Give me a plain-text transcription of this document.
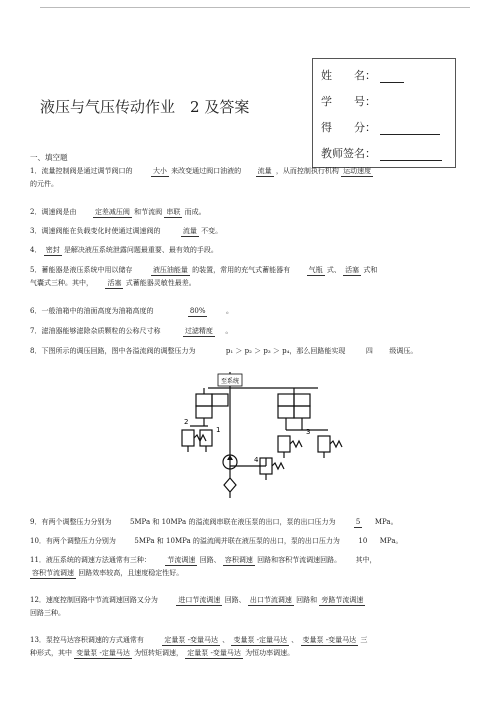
姓　　名：
学　　号：
得　　分：
教师签名：
液压与气压传动作业　2 及答案
一、填空题
1．流量控制阀是通过调节阀口的	大小 来改变通过阀口油液的 流量 ，从而控制执行机构 运动速度
的元件。
2．调速阀是由	定差减压阀 和节流阀 串联 而成。
3．调速阀能在负载变化时使通过调速阀的	流量 不变。
4． 密封 是解决液压系统泄露问题最重要、最有效的手段。
5．蓄能器是液压系统中用以储存	液压油能量 的装置，常用的充气式蓄能器有	气瓶 式、 活塞 式和
气囊式三种。其中， 活塞 式蓄能器灵敏性最差。
6．一般油箱中的油面高度为油箱高度的	80%	。
7．滤油器能够滤除杂质颗粒的公称尺寸称	过滤精度 。
8．下图所示的调压回路，图中各溢流阀的调整压力为	p₁ ＞ p₂ ＞ p₃ ＞ p₄，那么回路能实现	四 级调压。
至系统
1
2
3
4
9．有两个调整压力分别为	5MPa 和 10MPa 的溢流阀串联在液压泵的出口，泵的出口压力为	5 MPa。
10．有两个调整压力分别为	5MPa 和 10MPa 的溢流阀并联在液压泵的出口，泵的出口压力为	10 MPa。
11．液压系统的调速方法通常有三种： 节流调速 回路、 容积调速 回路和容积节流调速回路。 其中，
容积节流调速 回路效率较高，且速度稳定性好。
12．速度控制回路中节流调速回路又分为	进口节流调速 回路、 出口节流调速 回路和 旁路节流调速
回路三种。
13．泵控马达容积调速的方式通常有	定量泵 -变量马达 、 变量泵 -定量马达 、 变量泵 -变量马达 三
种形式，其中 变量泵 -定量马达 为恒转矩调速， 定量泵 -变量马达 为恒功率调速。
